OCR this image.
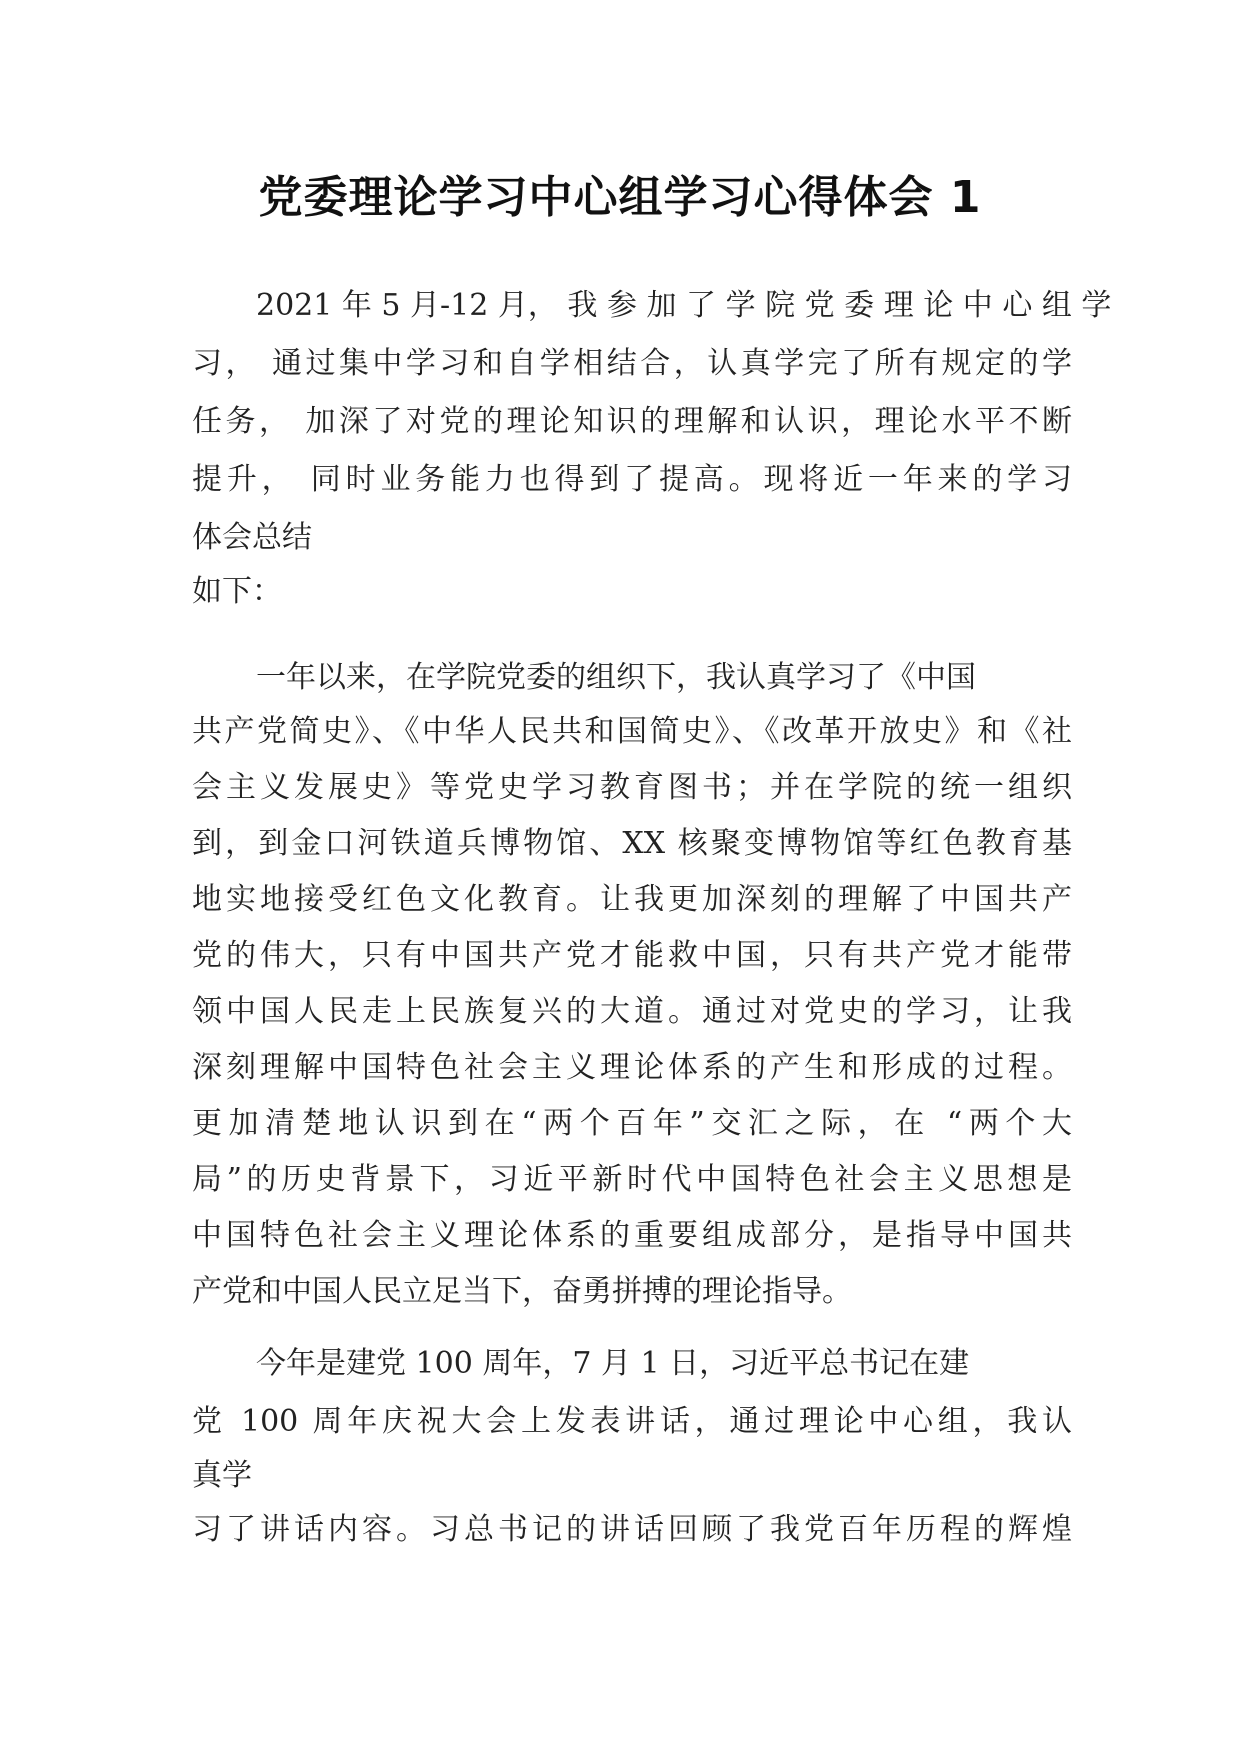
党委理论学习中心组学习心得体会 1
2021 年 5 月-12 月， 我 参 加 了 学 院 党 委 理 论 中 心 组 学
习， 通过集中学习和自学相结合，认真学完了所有规定的学
任务， 加深了对党的理论知识的理解和认识，理论水平不断
提升， 同时业务能力也得到了提高。现将近一年来的学习
体会总结
如下：
一年以来，在学院党委的组织下，我认真学习了《中国
共产党简史》、《中华人民共和国简史》、《改革开放史》和《社
会主义发展史》等党史学习教育图书；并在学院的统一组织
到，到金口河铁道兵博物馆、XX 核聚变博物馆等红色教育基
地实地接受红色文化教育。让我更加深刻的理解了中国共产
党的伟大，只有中国共产党才能救中国，只有共产党才能带
领中国人民走上民族复兴的大道。通过对党史的学习，让我
深刻理解中国特色社会主义理论体系的产生和形成的过程。
更加清楚地认识到在“两个百年”交汇之际，在 “两个大
局”的历史背景下，习近平新时代中国特色社会主义思想是
中国特色社会主义理论体系的重要组成部分，是指导中国共
产党和中国人民立足当下，奋勇拼搏的理论指导。
今年是建党 100 周年，7 月 1 日，习近平总书记在建
党 100 周年庆祝大会上发表讲话，通过理论中心组，我认
真学
习了讲话内容。习总书记的讲话回顾了我党百年历程的辉煌
